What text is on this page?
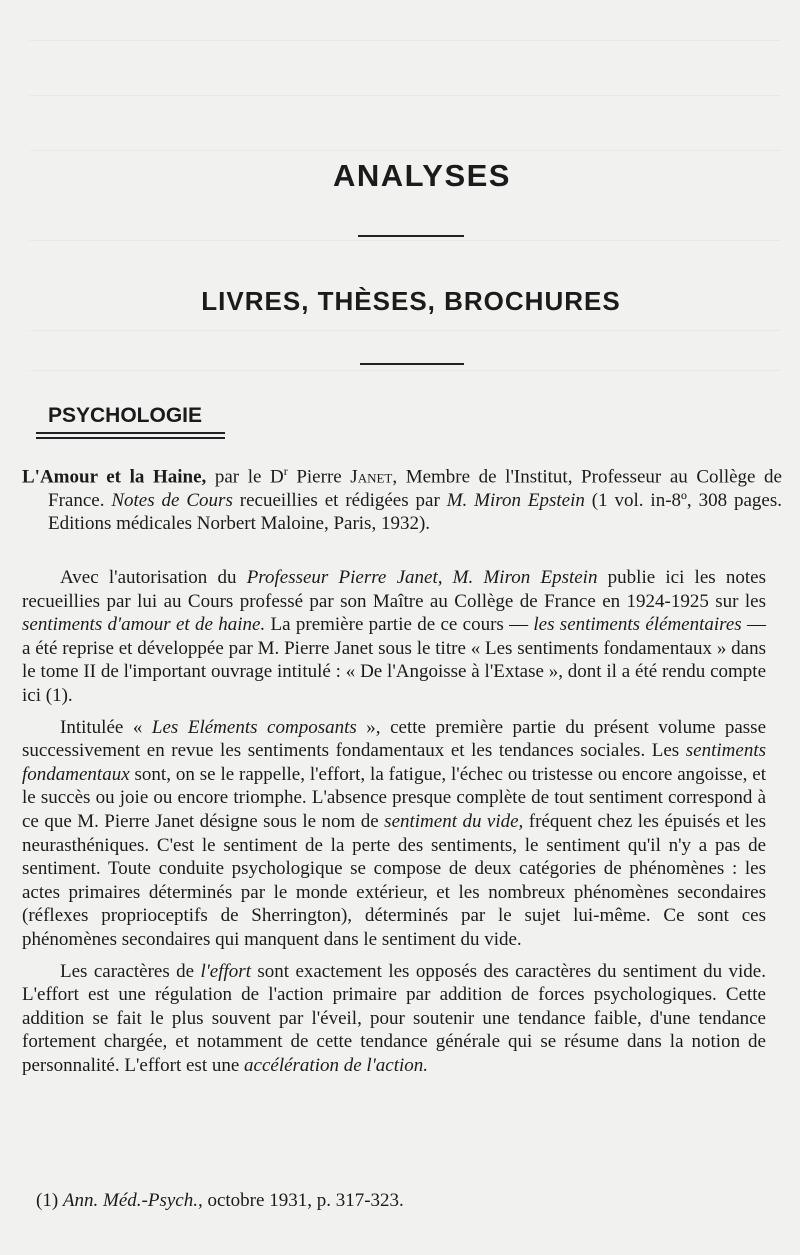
ANALYSES
LIVRES, THÈSES, BROCHURES
PSYCHOLOGIE

L'Amour et la Haine, par le $D^r$ Pierre Janet, Membre de l'Institut, Professeur au Collège de France. Notes de Cours recueillies et rédigées par M. Miron Epstein (1 vol. in-8º, 308 pages. Editions médicales Norbert Maloine, Paris, 1932).

Avec l'autorisation du Professeur Pierre Janet, M. Miron Epstein publie ici les notes recueillies par lui au Cours professé par son Maître au Collège de France en 1924-1925 sur les sentiments d'amour et de haine. La première partie de ce cours — les sentiments élémentaires — a été reprise et développée par M. Pierre Janet sous le titre « Les sentiments fondamentaux » dans le tome II de l'important ouvrage intitulé : « De l'Angoisse à l'Extase », dont il a été rendu compte ici (1).

Intitulée « Les Eléments composants », cette première partie du présent volume passe successivement en revue les sentiments fondamentaux et les tendances sociales. Les sentiments fondamentaux sont, on se le rappelle, l'effort, la fatigue, l'échec ou tristesse ou encore angoisse, et le succès ou joie ou encore triomphe. L'absence presque complète de tout sentiment correspond à ce que M. Pierre Janet désigne sous le nom de sentiment du vide, fréquent chez les épuisés et les neurasthéniques. C'est le sentiment de la perte des sentiments, le sentiment qu'il n'y a pas de sentiment. Toute conduite psychologique se compose de deux catégories de phénomènes : les actes primaires déterminés par le monde extérieur, et les nombreux phénomènes secondaires (réflexes proprioceptifs de Sherrington), déterminés par le sujet lui-même. Ce sont ces phénomènes secondaires qui manquent dans le sentiment du vide.

Les caractères de l'effort sont exactement les opposés des caractères du sentiment du vide. L'effort est une régulation de l'action primaire par addition de forces psychologiques. Cette addition se fait le plus souvent par l'éveil, pour soutenir une tendance faible, d'une tendance fortement chargée, et notamment de cette tendance générale qui se résume dans la notion de personnalité. L'effort est une accélération de l'action.

(1) Ann. Méd.-Psych., octobre 1931, p. 317-323.
